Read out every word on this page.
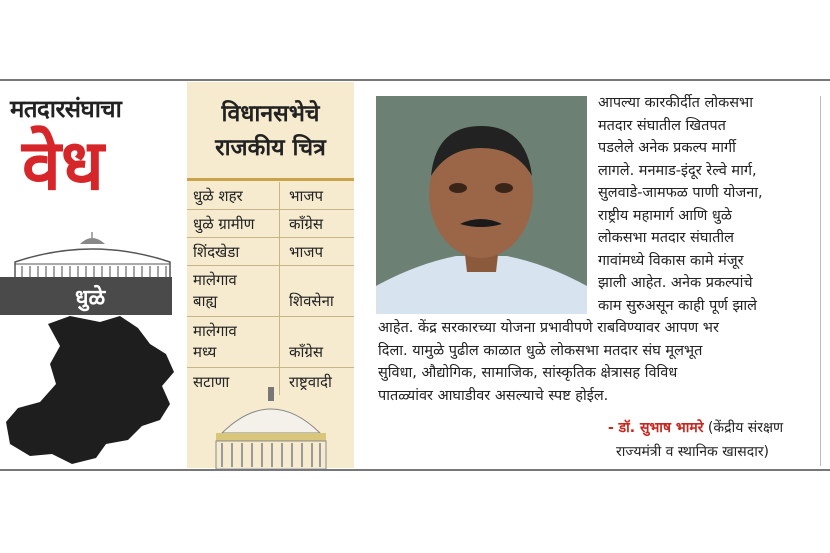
मतदारसंघाचा
वेध
धुळे
विधानसभेचे
राजकीय चित्र
धुळे शहर	भाजप
धुळे ग्रामीण काँग्रेस
शिंदखेडा	भाजप
मालेगाव
बाह्य	शिवसेना
मालेगाव
मध्य	काँग्रेस
सटाणा	राष्ट्रवादी
आपल्या कारकीर्दीत लोकसभा
मतदार संघातील खितपत
पडलेले अनेक प्रकल्प मार्गी
लागले. मनमाड-इंदूर रेल्वे मार्ग,
सुलवाडे-जामफळ पाणी योजना,
राष्ट्रीय महामार्ग आणि धुळे
लोकसभा मतदार संघातील
गावांमध्ये विकास कामे मंजूर
झाली आहेत. अनेक प्रकल्पांचे
काम सुरुअसून काही पूर्ण झाले
आहेत. केंद्र सरकारच्या योजना प्रभावीपणे राबविण्यावर आपण भर
दिला. यामुळे पुढील काळात धुळे लोकसभा मतदार संघ मूलभूत
सुविधा, औद्योगिक, सामाजिक, सांस्कृतिक क्षेत्रासह विविध
पातळ्यांवर आघाडीवर असल्याचे स्पष्ट होईल.
- डॉ. सुभाष भामरे (केंद्रीय संरक्षण
राज्यमंत्री व स्थानिक खासदार)
